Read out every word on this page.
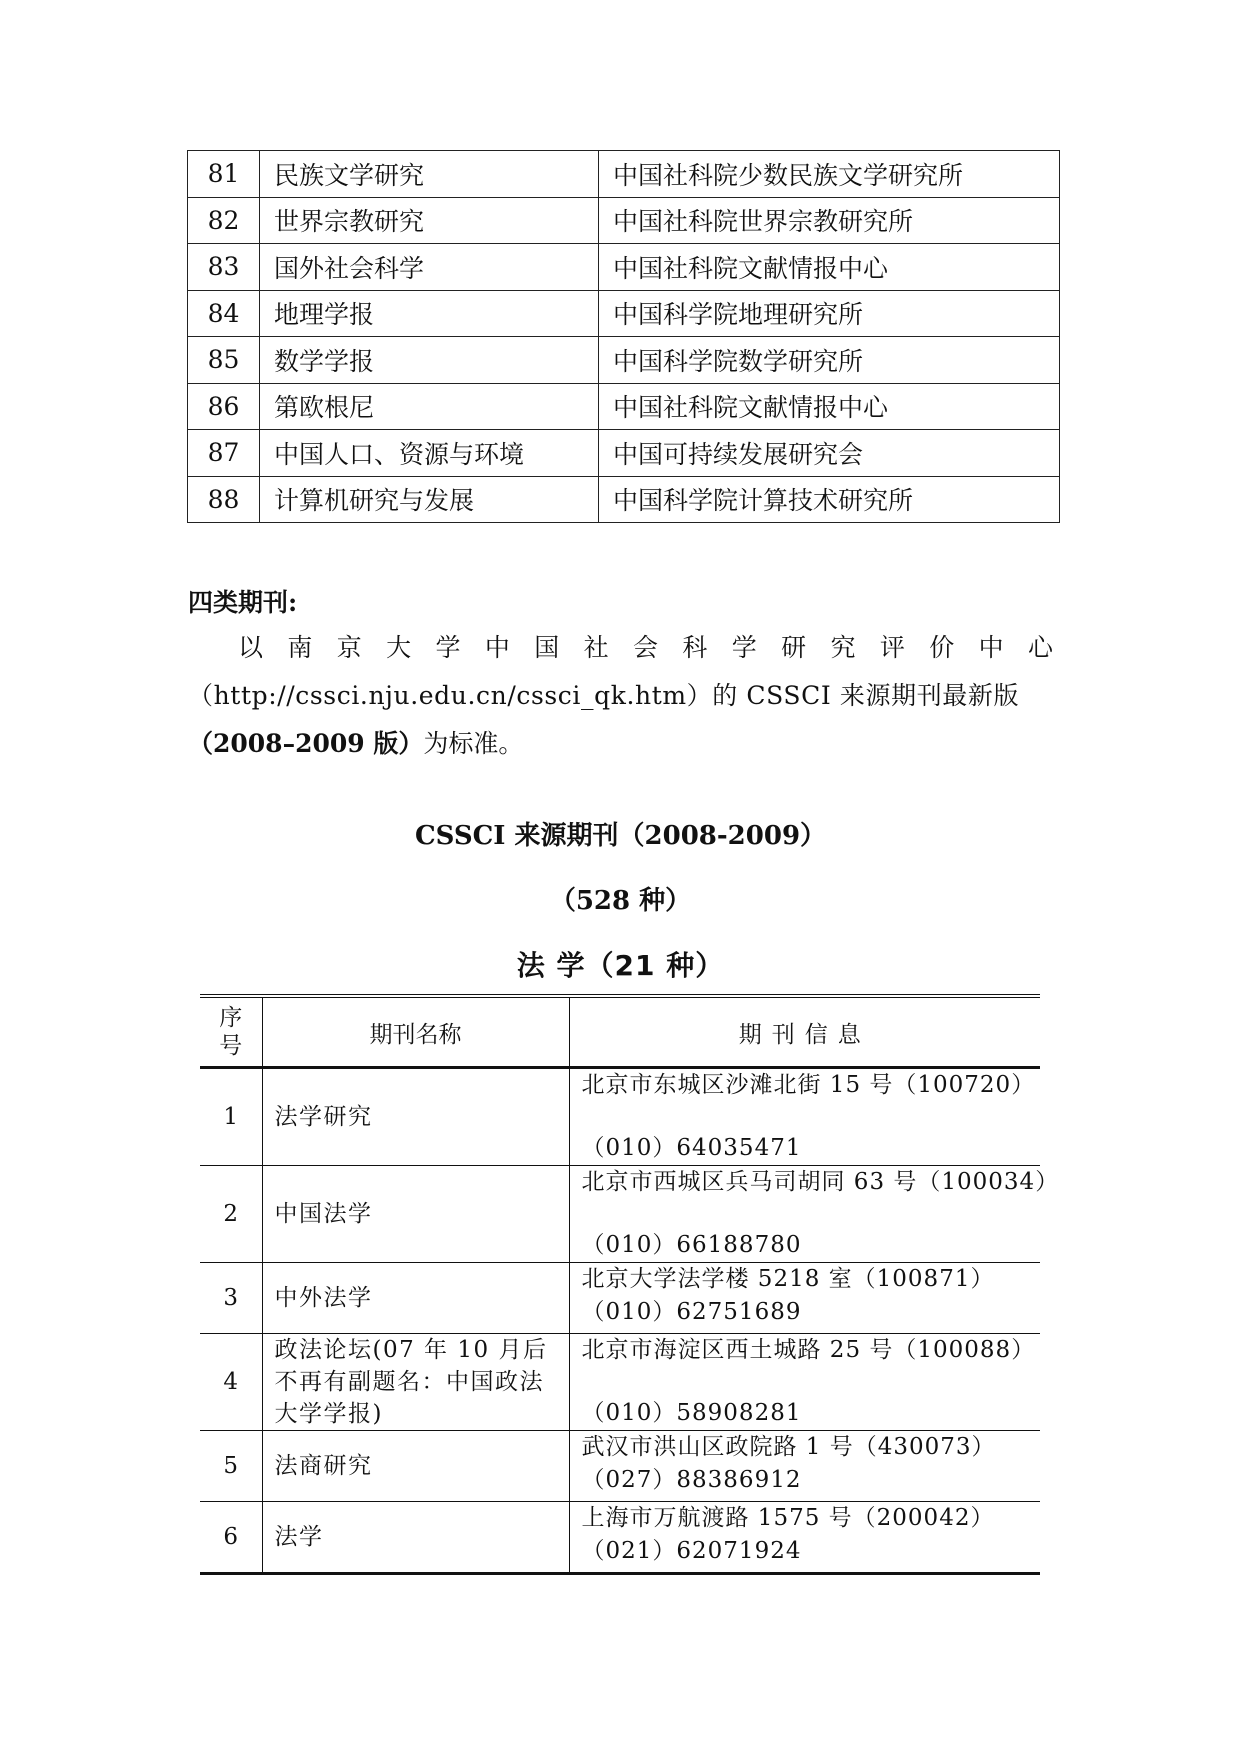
81	民族文学研究	中国社科院少数民族文学研究所
82	世界宗教研究	中国社科院世界宗教研究所
83	国外社会科学	中国社科院文献情报中心
84	地理学报	中国科学院地理研究所
85	数学学报	中国科学院数学研究所
86	第欧根尼	中国社科院文献情报中心
87	中国人口、资源与环境	中国可持续发展研究会
88	计算机研究与发展	中国科学院计算技术研究所
四类期刊:
以南京大学中国社会科学研究评价中心
（http://cssci.nju.edu.cn/cssci_qk.htm）的 CSSCI 来源期刊最新版
（2008–2009 版）为标准。
CSSCI 来源期刊（2008-2009）
（528 种）
法 学（21 种）
序号	期刊名称	期刊信息
1	法学研究	北京市东城区沙滩北街 15 号（100720）
（010）64035471

2	中国法学	北京市西城区兵马司胡同 63 号（100034）
（010）66188780

3	中外法学	北京大学法学楼 5218 室（100871）
（010）62751689

4	政法论坛(07 年 10 月后不再有副题名：中国政法大学学报)	北京市海淀区西土城路 25 号（100088）
（010）58908281

5	法商研究	武汉市洪山区政院路 1 号（430073）
（027）88386912

6	法学	上海市万航渡路 1575 号（200042）
（021）62071924
